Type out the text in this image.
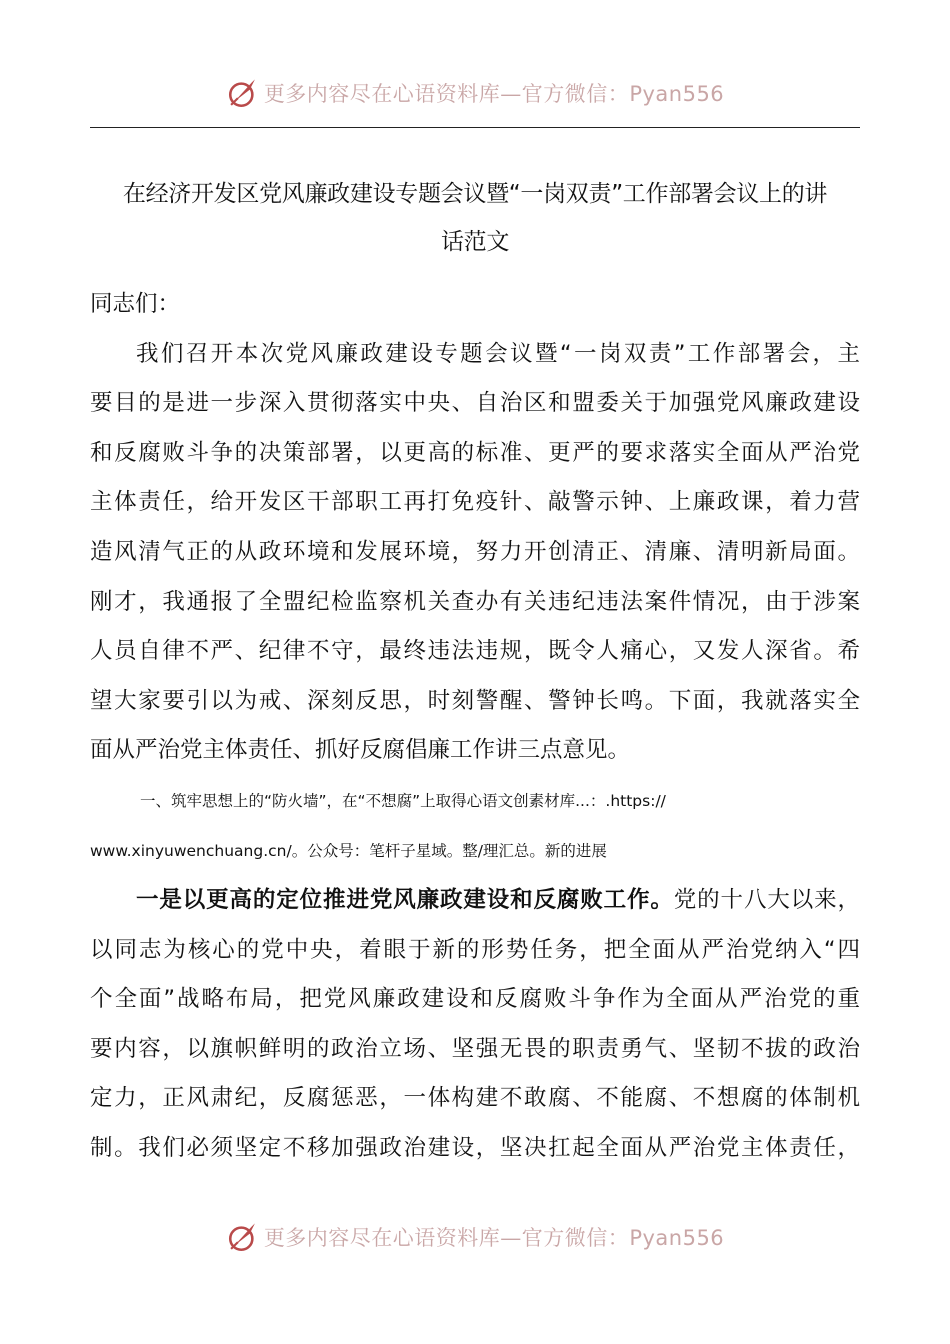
更多内容尽在心语资料库—官方微信：Pyan556
在经济开发区党风廉政建设专题会议暨“一岗双责”工作部署会议上的讲
话范文

同志们：

我们召开本次党风廉政建设专题会议暨“一岗双责”工作部署会，主
要目的是进一步深入贯彻落实中央、自治区和盟委关于加强党风廉政建设
和反腐败斗争的决策部署，以更高的标准、更严的要求落实全面从严治党
主体责任，给开发区干部职工再打免疫针、敲警示钟、上廉政课，着力营
造风清气正的从政环境和发展环境，努力开创清正、清廉、清明新局面。
刚才，我通报了全盟纪检监察机关查办有关违纪违法案件情况，由于涉案
人员自律不严、纪律不守，最终违法违规，既令人痛心，又发人深省。希
望大家要引以为戒、深刻反思，时刻警醒、警钟长鸣。下面，我就落实全
面从严治党主体责任、抓好反腐倡廉工作讲三点意见。

一、筑牢思想上的“防火墙”，在“不想腐”上取得心语文创素材库...：.https://
www.xinyuwenchuang.cn/。公众号：笔杆子星域。整/理汇总。新的进展

一是以更高的定位推进党风廉政建设和反腐败工作。党的十八大以来，
以同志为核心的党中央，着眼于新的形势任务，把全面从严治党纳入“四
个全面”战略布局，把党风廉政建设和反腐败斗争作为全面从严治党的重
要内容，以旗帜鲜明的政治立场、坚强无畏的职责勇气、坚韧不拔的政治
定力，正风肃纪，反腐惩恶，一体构建不敢腐、不能腐、不想腐的体制机
制。我们必须坚定不移加强政治建设，坚决扛起全面从严治党主体责任，

更多内容尽在心语资料库—官方微信：Pyan556
